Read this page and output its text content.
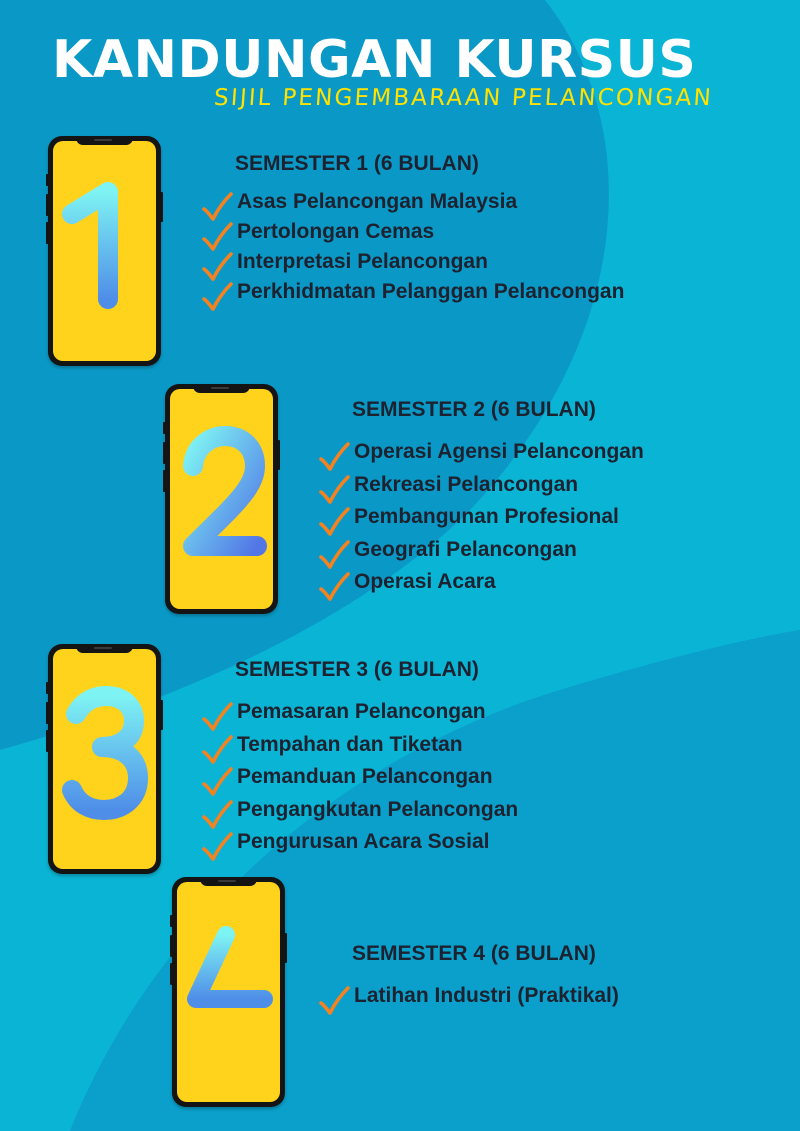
KANDUNGAN KURSUS
SIJIL PENGEMBARAAN PELANCONGAN
SEMESTER 1 (6 BULAN)
Asas Pelancongan Malaysia
Pertolongan Cemas
Interpretasi Pelancongan
Perkhidmatan Pelanggan Pelancongan
SEMESTER 2 (6 BULAN)
Operasi Agensi Pelancongan
Rekreasi Pelancongan
Pembangunan Profesional
Geografi Pelancongan
Operasi Acara
SEMESTER 3 (6 BULAN)
Pemasaran Pelancongan
Tempahan dan Tiketan
Pemanduan Pelancongan
Pengangkutan Pelancongan
Pengurusan Acara Sosial
SEMESTER 4 (6 BULAN)
Latihan Industri (Praktikal)
